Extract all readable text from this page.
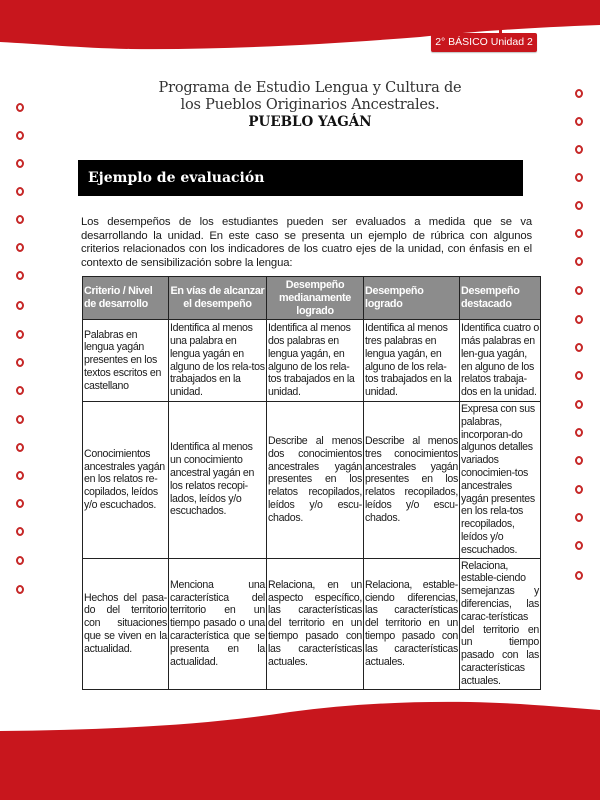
2° BÁSICO Unidad 2
Programa de Estudio Lengua y Cultura de
los Pueblos Originarios Ancestrales.
PUEBLO YAGÁN
Ejemplo de evaluación
Los desempeños de los estudiantes pueden ser evaluados a medida que se va desarrollando la unidad. En este caso se presenta un ejemplo de rúbrica con algunos criterios relacionados con los indicadores de los cuatro ejes de la unidad, con énfasis en el contexto de sensibilización sobre la lengua:
Criterio / Nivel de desarrollo	En vías de alcanzar el desempeño	Desempeño medianamente logrado	Desempeño logrado	Desempeño destacado
Palabras en lengua yagán presentes en los textos escritos en castellano	Identifica al menos una palabra en lengua yagán en alguno de los rela-tos trabajados en la unidad.	Identifica al menos dos palabras en lengua yagán, en alguno de los rela-tos trabajados en la unidad.	Identifica al menos tres palabras en lengua yagán, en alguno de los rela-tos trabajados en la unidad.	Identifica cuatro o más palabras en len-gua yagán, en alguno de los relatos trabaja-dos en la unidad.
Conocimientos ancestrales yagán en los relatos re-copilados, leídos y/o escuchados.	Identifica al menos un conocimiento ancestral yagán en los relatos recopi-lados, leídos y/o escuchados.	Describe al menos dos conocimientos ancestrales yagán presentes en los relatos recopilados, leídos y/o escu-chados.	Describe al menos tres conocimientos ancestrales yagán presentes en los relatos recopilados, leídos y/o escu-chados.	Expresa con sus palabras, incorporan-do algunos detalles variados conocimien-tos ancestrales yagán presentes en los rela-tos recopilados, leídos y/o escuchados.
Hechos del pasa-do del territorio con situaciones que se viven en la actualidad.	Menciona una característica del territorio en un tiempo pasado o una característica que se presenta en la actualidad.	Relaciona, en un aspecto específico, las características del territorio en un tiempo pasado con las características actuales.	Relaciona, estable-ciendo diferencias, las características del territorio en un tiempo pasado con las características actuales.	Relaciona, estable-ciendo semejanzas y diferencias, las carac-terísticas del territorio en un tiempo pasado con las características actuales.
